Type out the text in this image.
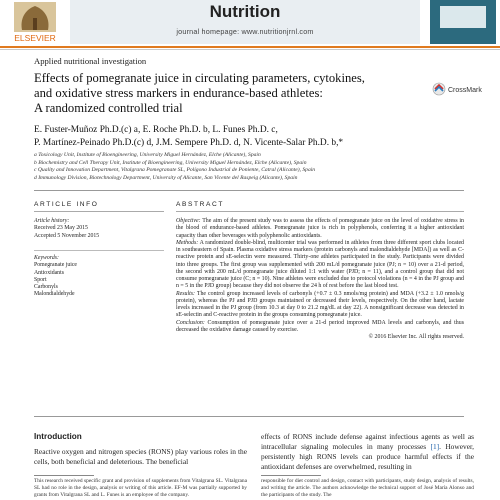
ELSEVIER
Nutrition
journal homepage: www.nutritionjrnl.com
Applied nutritional investigation
Effects of pomegranate juice in circulating parameters, cytokines,
and oxidative stress markers in endurance-based athletes:
A randomized controlled trial
CrossMark
E. Fuster-Muñoz Ph.D.(c) a, E. Roche Ph.D. b, L. Funes Ph.D. c,
P. Martínez-Peinado Ph.D.(c) d, J.M. Sempere Ph.D. d, N. Vicente-Salar Ph.D. b,*
a Toxicology Unit, Institute of Bioengineering, University Miguel Hernández, Elche (Alicante), Spain
b Biochemistry and Cell Therapy Unit, Institute of Bioengineering, University Miguel Hernández, Elche (Alicante), Spain
c Quality and Innovation Department, Vitalgrana Pomegranate SL, Polígono Industrial de Poniente, Catral (Alicante), Spain
d Immunology Division, Biotechnology Department, University of Alicante, San Vicente del Raspeig (Alicante), Spain
ARTICLE INFO
Article history:
Received 23 May 2015
Accepted 5 November 2015
Keywords:
Pomegranate juice
Antioxidants
Sport
Carbonyls
Malondialdehyde
ABSTRACT

Objective: The aim of the present study was to assess the effects of pomegranate juice on the level of oxidative stress in the blood of endurance-based athletes. Pomegranate juice is rich in polyphenols, conferring it a higher antioxidant capacity than other beverages with polyphenolic antioxidants.

Methods: A randomized double-blind, multicenter trial was performed in athletes from three different sport clubs located in southeastern of Spain. Plasma oxidative stress markers (protein carbonyls and malondialdehyde [MDA]) as well as C-reactive protein and sE-selectin were measured. Thirty-one athletes participated in the study. Participants were divided into three groups. The first group was supplemented with 200 mL/d pomegranate juice (PJ; n = 10) over a 21-d period, the second with 200 mL/d pomegranate juice diluted 1:1 with water (PJD; n = 11), and a control group that did not consume pomegranate juice (C; n = 10). Nine athletes were excluded due to protocol violations (n = 4 in the PJ group and n = 5 in the PJD group) because they did not observe the 24 h of rest before the last blood test.

Results: The control group increased levels of carbonyls (+0.7 ± 0.3 nmols/mg protein) and MDA (+3.2 ± 1.0 nmols/g protein), whereas the PJ and PJD groups maintained or decreased their levels, respectively. On the other hand, lactate levels increased in the PJ group (from 10.3 at day 0 to 21.2 mg/dL at day 22). A nonsignificant decrease was detected in sE-selectin and C-reactive protein in the groups consuming pomegranate juice.

Conclusion: Consumption of pomegranate juice over a 21-d period improved MDA levels and carbonyls, and thus decreased the oxidative damage caused by exercise.

© 2016 Elsevier Inc. All rights reserved.

Introduction
Reactive oxygen and nitrogen species (RONS) play various roles in the cells, both beneficial and deleterious. The beneficial
effects of RONS include defense against infectious agents as well as intracellular signaling molecules in many processes [1]. However, persistently high RONS levels can produce harmful effects if the antioxidant defenses are overwhelmed, resulting in
This research received specific grant and provision of supplements from Vitalgrana SL. Vitalgrana SL had no role in the design, analysis or writing of this article. EF-M was partially supported by grants from Vitalgrana SL and L. Funes is an employee of the company.
responsible for diet control and design, contact with participants, study design, analysis of results, and writing the article. The authors acknowledge the technical support of José María Alonso and the participants of the study. The
